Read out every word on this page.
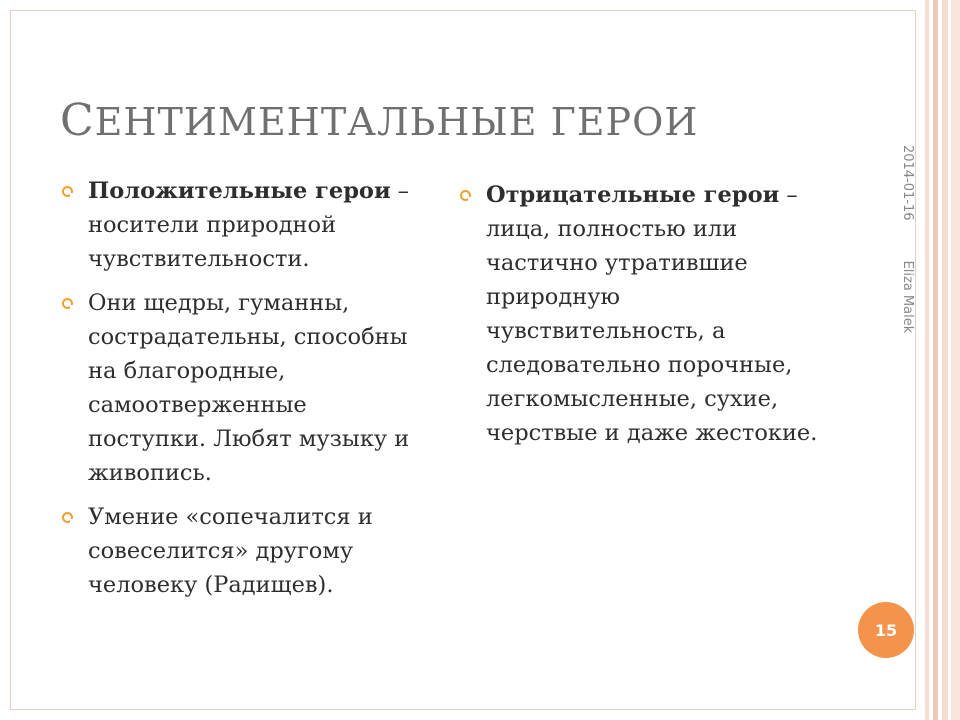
СЕНТИМЕНТАЛЬНЫЕ ГЕРОИ
Положительные герои – носители природной чувствительности.
Они щедры, гуманны, сострадательны, способны на благородные, самоотверженные поступки. Любят музыку и живопись.
Умение «сопечалится и совеселится» другому человеку (Радищев).
Отрицательные герои – лица, полностью или частично утратившие природную чувствительность, а следовательно порочные, легкомысленные, сухие, черствые и даже жестокие.
2014-01-16Eliza Malek
15
